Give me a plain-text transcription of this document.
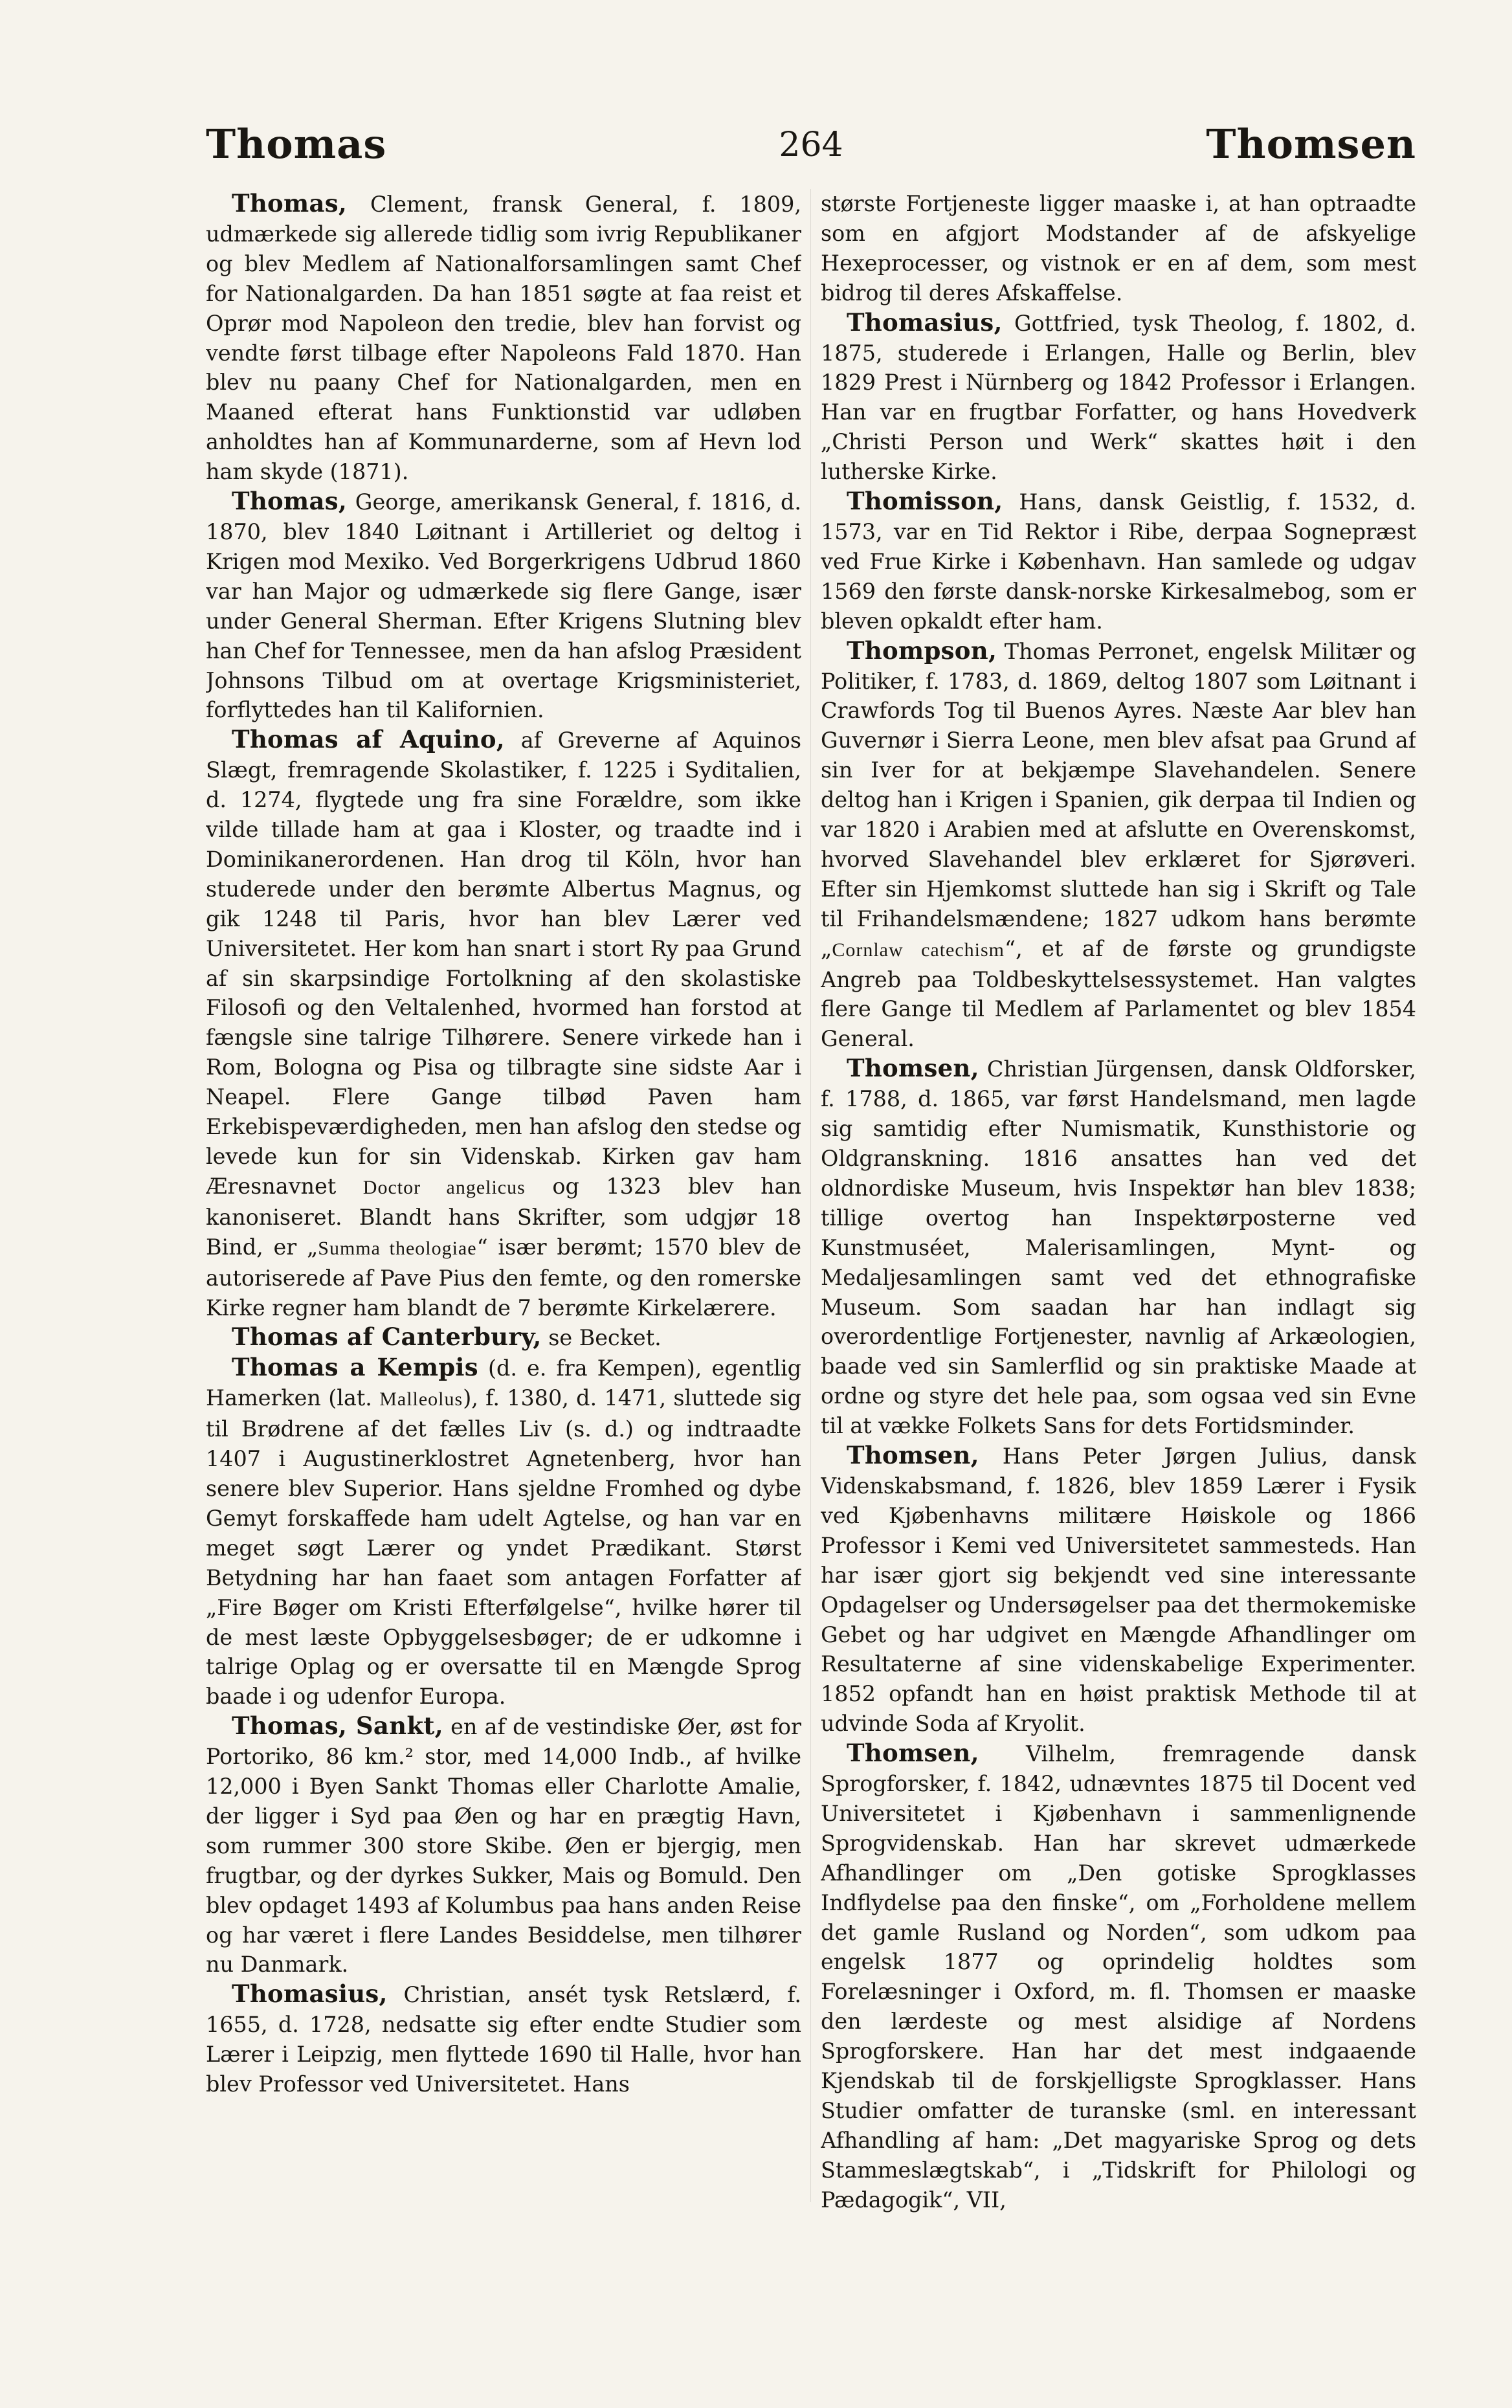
Thomas	264	Thomsen

Thomas, Clement, fransk General, f. 1809, udmærkede sig allerede tidlig som ivrig Republikaner og blev Medlem af Nationalforsamlingen samt Chef for Nationalgarden. Da han 1851 søgte at faa reist et Oprør mod Napoleon den tredie, blev han forvist og vendte først tilbage efter Napoleons Fald 1870. Han blev nu paany Chef for Nationalgarden, men en Maaned efterat hans Funktionstid var udløben anholdtes han af Kommunarderne, som af Hevn lod ham skyde (1871).

Thomas, George, amerikansk General, f. 1816, d. 1870, blev 1840 Løitnant i Artilleriet og deltog i Krigen mod Mexiko. Ved Borgerkrigens Udbrud 1860 var han Major og udmærkede sig flere Gange, især under General Sherman. Efter Krigens Slutning blev han Chef for Tennessee, men da han afslog Præsident Johnsons Tilbud om at overtage Krigsministeriet, forflyttedes han til Kalifornien.

Thomas af Aquino, af Greverne af Aquinos Slægt, fremragende Skolastiker, f. 1225 i Syditalien, d. 1274, flygtede ung fra sine Forældre, som ikke vilde tillade ham at gaa i Kloster, og traadte ind i Dominikanerordenen. Han drog til Köln, hvor han studerede under den berømte Albertus Magnus, og gik 1248 til Paris, hvor han blev Lærer ved Universitetet. Her kom han snart i stort Ry paa Grund af sin skarpsindige Fortolkning af den skolastiske Filosofi og den Veltalenhed, hvormed han forstod at fængsle sine talrige Tilhørere. Senere virkede han i Rom, Bologna og Pisa og tilbragte sine sidste Aar i Neapel. Flere Gange tilbød Paven ham Erkebispeværdigheden, men han afslog den stedse og levede kun for sin Videnskab. Kirken gav ham Æresnavnet Doctor angelicus og 1323 blev han kanoniseret. Blandt hans Skrifter, som udgjør 18 Bind, er „Summa theologiae“ især berømt; 1570 blev de autoriserede af Pave Pius den femte, og den romerske Kirke regner ham blandt de 7 berømte Kirkelærere.

Thomas af Canterbury, se Becket.

Thomas a Kempis (d. e. fra Kempen), egentlig Hamerken (lat. Malleolus), f. 1380, d. 1471, sluttede sig til Brødrene af det fælles Liv (s. d.) og indtraadte 1407 i Augustinerklostret Agnetenberg, hvor han senere blev Superior. Hans sjeldne Fromhed og dybe Gemyt forskaffede ham udelt Agtelse, og han var en meget søgt Lærer og yndet Prædikant. Størst Betydning har han faaet som antagen Forfatter af „Fire Bøger om Kristi Efterfølgelse“, hvilke hører til de mest læste Opbyggelsesbøger; de er udkomne i talrige Oplag og er oversatte til en Mængde Sprog baade i og udenfor Europa.

Thomas, Sankt, en af de vestindiske Øer, øst for Portoriko, 86 km.² stor, med 14,000 Indb., af hvilke 12,000 i Byen Sankt Thomas eller Charlotte Amalie, der ligger i Syd paa Øen og har en prægtig Havn, som rummer 300 store Skibe. Øen er bjergig, men frugtbar, og der dyrkes Sukker, Mais og Bomuld. Den blev opdaget 1493 af Kolumbus paa hans anden Reise og har været i flere Landes Besiddelse, men tilhører nu Danmark.

Thomasius, Christian, ansét tysk Retslærd, f. 1655, d. 1728, nedsatte sig efter endte Studier som Lærer i Leipzig, men flyttede 1690 til Halle, hvor han blev Professor ved Universitetet. Hans

største Fortjeneste ligger maaske i, at han optraadte som en afgjort Modstander af de afskyelige Hexeprocesser, og vistnok er en af dem, som mest bidrog til deres Afskaffelse.

Thomasius, Gottfried, tysk Theolog, f. 1802, d. 1875, studerede i Erlangen, Halle og Berlin, blev 1829 Prest i Nürnberg og 1842 Professor i Erlangen. Han var en frugtbar Forfatter, og hans Hovedverk „Christi Person und Werk“ skattes høit i den lutherske Kirke.

Thomisson, Hans, dansk Geistlig, f. 1532, d. 1573, var en Tid Rektor i Ribe, derpaa Sognepræst ved Frue Kirke i København. Han samlede og udgav 1569 den første dansk-norske Kirkesalmebog, som er bleven opkaldt efter ham.

Thompson, Thomas Perronet, engelsk Militær og Politiker, f. 1783, d. 1869, deltog 1807 som Løitnant i Crawfords Tog til Buenos Ayres. Næste Aar blev han Guvernør i Sierra Leone, men blev afsat paa Grund af sin Iver for at bekjæmpe Slavehandelen. Senere deltog han i Krigen i Spanien, gik derpaa til Indien og var 1820 i Arabien med at afslutte en Overenskomst, hvorved Slavehandel blev erklæret for Sjørøveri. Efter sin Hjemkomst sluttede han sig i Skrift og Tale til Frihandelsmændene; 1827 udkom hans berømte „Cornlaw catechism“, et af de første og grundigste Angreb paa Toldbeskyttelsessystemet. Han valgtes flere Gange til Medlem af Parlamentet og blev 1854 General.

Thomsen, Christian Jürgensen, dansk Oldforsker, f. 1788, d. 1865, var først Handelsmand, men lagde sig samtidig efter Numismatik, Kunsthistorie og Oldgranskning. 1816 ansattes han ved det oldnordiske Museum, hvis Inspektør han blev 1838; tillige overtog han Inspektørposterne ved Kunstmuséet, Malerisamlingen, Mynt- og Medaljesamlingen samt ved det ethnografiske Museum. Som saadan har han indlagt sig overordentlige Fortjenester, navnlig af Arkæologien, baade ved sin Samlerflid og sin praktiske Maade at ordne og styre det hele paa, som ogsaa ved sin Evne til at vække Folkets Sans for dets Fortidsminder.

Thomsen, Hans Peter Jørgen Julius, dansk Videnskabsmand, f. 1826, blev 1859 Lærer i Fysik ved Kjøbenhavns militære Høiskole og 1866 Professor i Kemi ved Universitetet sammesteds. Han har især gjort sig bekjendt ved sine interessante Opdagelser og Undersøgelser paa det thermokemiske Gebet og har udgivet en Mængde Afhandlinger om Resultaterne af sine videnskabelige Experimenter. 1852 opfandt han en høist praktisk Methode til at udvinde Soda af Kryolit.

Thomsen, Vilhelm, fremragende dansk Sprogforsker, f. 1842, udnævntes 1875 til Docent ved Universitetet i Kjøbenhavn i sammenlignende Sprogvidenskab. Han har skrevet udmærkede Afhandlinger om „Den gotiske Sprogklasses Indflydelse paa den finske“, om „Forholdene mellem det gamle Rusland og Norden“, som udkom paa engelsk 1877 og oprindelig holdtes som Forelæsninger i Oxford, m. fl. Thomsen er maaske den lærdeste og mest alsidige af Nordens Sprogforskere. Han har det mest indgaaende Kjendskab til de forskjelligste Sprogklasser. Hans Studier omfatter de turanske (sml. en interessant Afhandling af ham: „Det magyariske Sprog og dets Stammeslægtskab“, i „Tidskrift for Philologi og Pædagogik“, VII,
